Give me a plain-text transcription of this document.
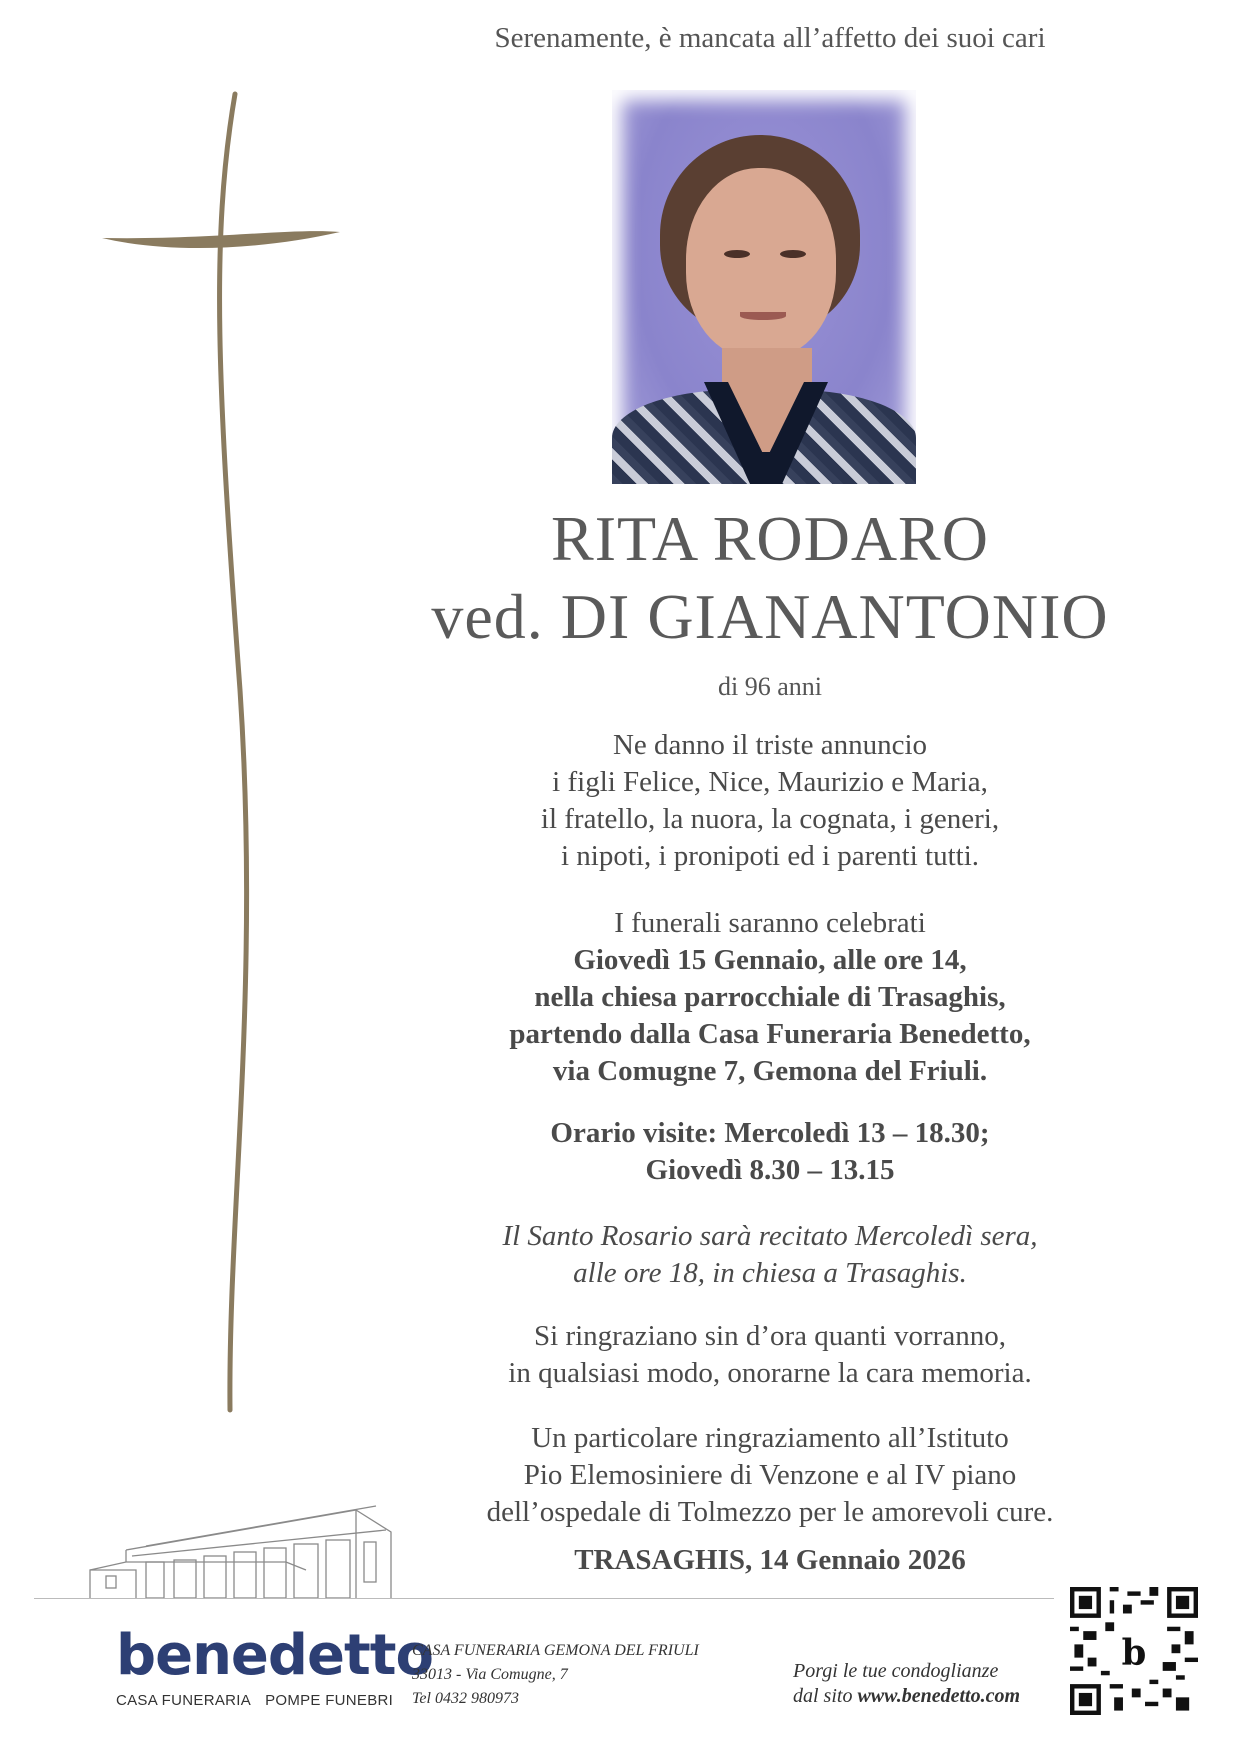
Serenamente, è mancata all’affetto dei suoi cari
RITA RODARO
ved. DI GIANANTONIO
di 96 anni

Ne danno il triste annuncio

i figli Felice, Nice, Maurizio e Maria,

il fratello, la nuora, la cognata, i generi,

i nipoti, i pronipoti ed i parenti tutti.

I funerali saranno celebrati

Giovedì 15 Gennaio, alle ore 14,

nella chiesa parrocchiale di Trasaghis,

partendo dalla Casa Funeraria Benedetto,

via Comugne 7, Gemona del Friuli.

Orario visite: Mercoledì 13 – 18.30;

Giovedì 8.30 – 13.15

Il Santo Rosario sarà recitato Mercoledì sera,

alle ore 18, in chiesa a Trasaghis.

Si ringraziano sin d’ora quanti vorranno,

in qualsiasi modo, onorarne la cara memoria.

Un particolare ringraziamento all’Istituto

Pio Elemosiniere di Venzone e al IV piano

dell’ospedale di Tolmezzo per le amorevoli cure.

TRASAGHIS, 14 Gennaio 2026
benedetto
CASA FUNERARIA POMPE FUNEBRI
CASA FUNERARIA GEMONA DEL FRIULI
33013 - Via Comugne, 7
Tel 0432 980973
Porgi le tue condoglianze
dal sito www.benedetto.com
b
